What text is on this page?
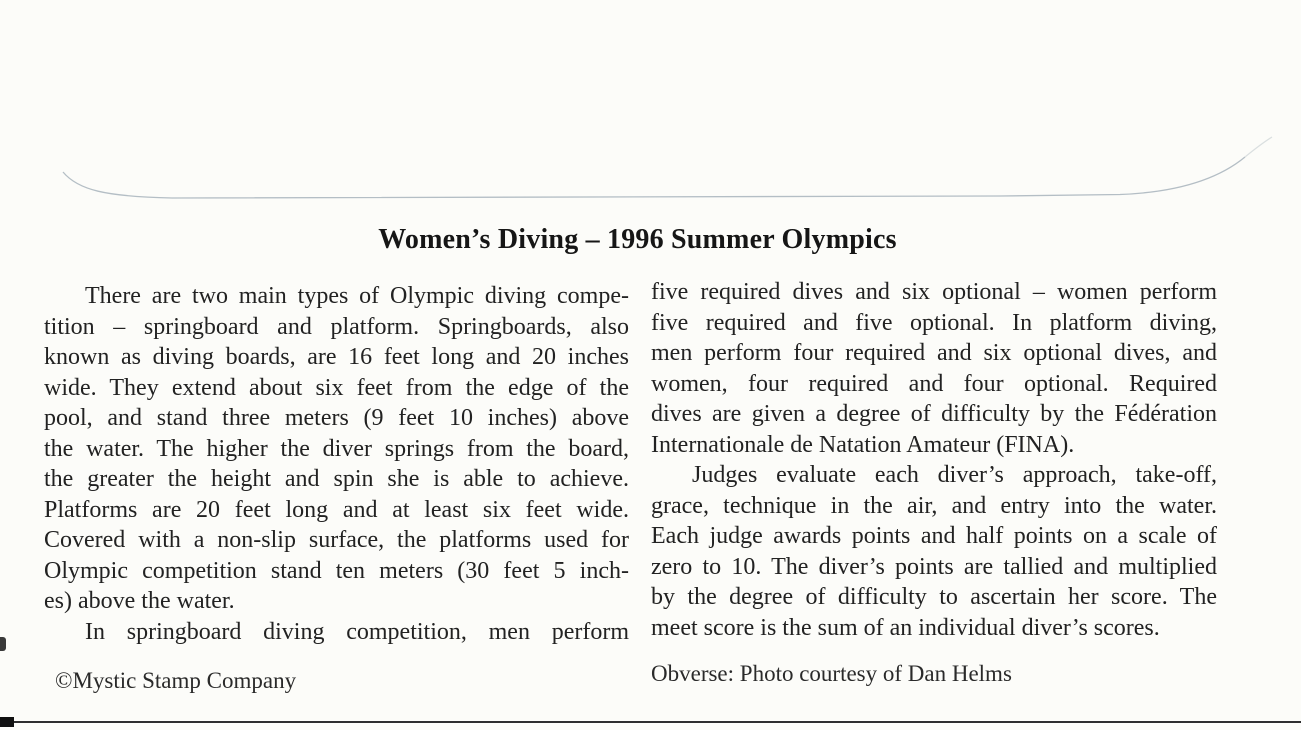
Women’s Diving – 1996 Summer Olympics
There are two main types of Olympic diving compe-
tition – springboard and platform. Springboards, also
known as diving boards, are 16 feet long and 20 inches
wide. They extend about six feet from the edge of the
pool, and stand three meters (9 feet 10 inches) above
the water. The higher the diver springs from the board,
the greater the height and spin she is able to achieve.
Platforms are 20 feet long and at least six feet wide.
Covered with a non-slip surface, the platforms used for
Olympic competition stand ten meters (30 feet 5 inch-
es) above the water.
In springboard diving competition, men perform
five required dives and six optional – women perform
five required and five optional. In platform diving,
men perform four required and six optional dives, and
women, four required and four optional. Required
dives are given a degree of difficulty by the Fédération
Internationale de Natation Amateur (FINA).
Judges evaluate each diver’s approach, take-off,
grace, technique in the air, and entry into the water.
Each judge awards points and half points on a scale of
zero to 10. The diver’s points are tallied and multiplied
by the degree of difficulty to ascertain her score. The
meet score is the sum of an individual diver’s scores.
©Mystic Stamp Company	Obverse: Photo courtesy of Dan Helms
